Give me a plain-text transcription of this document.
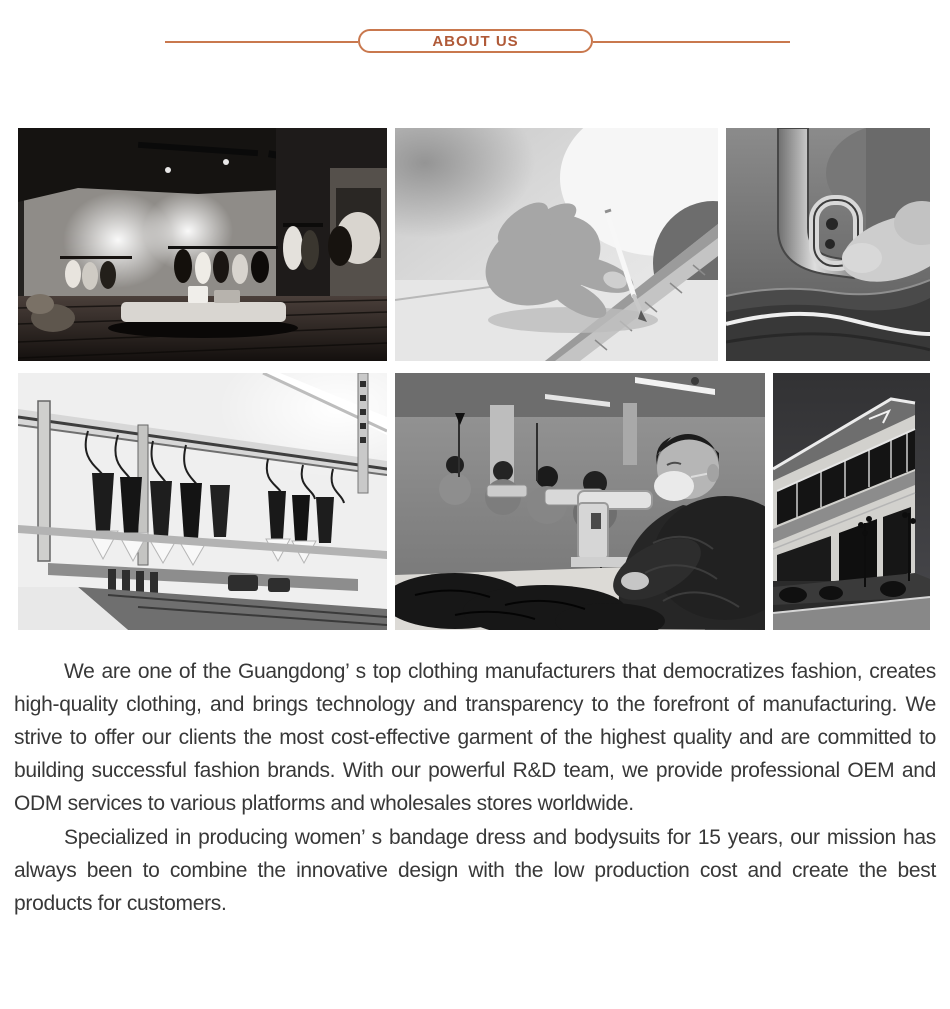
ABOUT US

We are one of the Guangdong’ s top clothing manufacturers that democratizes fashion, creates high-quality clothing, and brings technology and transparency to the forefront of manufacturing. We strive to offer our clients the most cost-effective garment of the highest quality and are committed to building successful fashion brands. With our powerful R&D team, we provide professional OEM and ODM services to various platforms and wholesales stores worldwide.

Specialized in producing women’ s bandage dress and bodysuits for 15 years, our mission has always been to combine the innovative design with the low production cost and create the best products for customers.
